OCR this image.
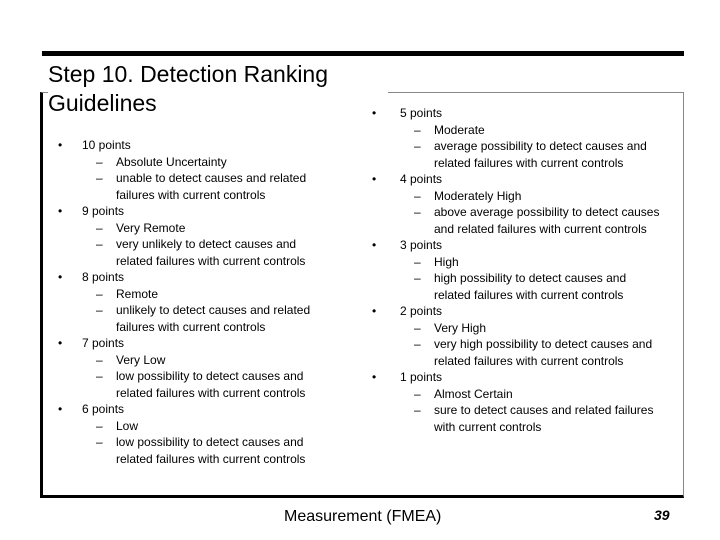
Step 10. Detection Ranking Guidelines
• 10 points
– Absolute Uncertainty
– unable to detect causes and related failures with current controls
• 9 points
– Very Remote
– very unlikely to detect causes and related failures with current controls
• 8 points
– Remote
– unlikely to detect causes and related failures with current controls
• 7 points
– Very Low
– low possibility to detect causes and related failures with current controls
• 6 points
– Low
– low possibility to detect causes and related failures with current controls
• 5 points
– Moderate
– average possibility to detect causes and related failures with current controls
• 4 points
– Moderately High
– above average possibility to detect causes and related failures with current controls
• 3 points
– High
– high possibility to detect causes and related failures with current controls
• 2 points
– Very High
– very high possibility to detect causes and related failures with current controls
• 1 points
– Almost Certain
– sure to detect causes and related failures with current controls
Measurement (FMEA)	39
